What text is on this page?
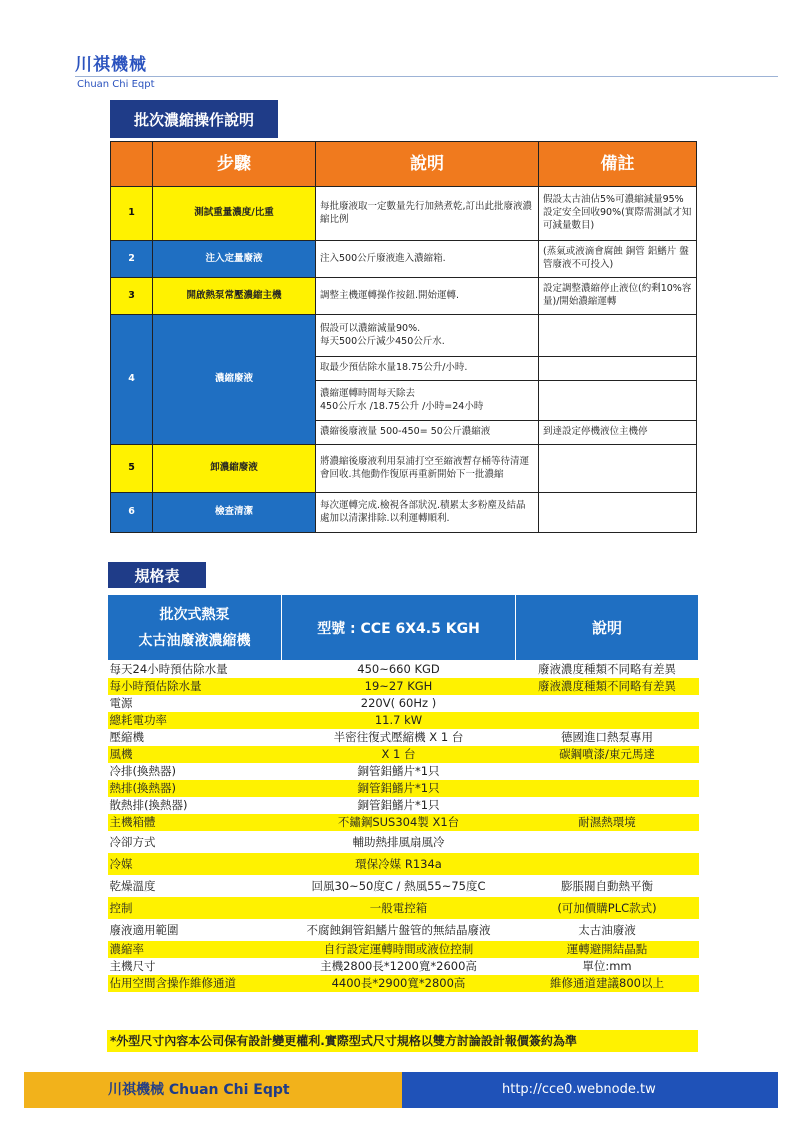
川祺機械
Chuan Chi Eqpt
批次濃縮操作說明
	步驟	說明	備註
1	測試重量濃度/比重	每批廢液取一定數量先行加熱煮乾,訂出此批廢液濃縮比例	假設太古油佔5%可濃縮減量95%設定安全回收90%(實際需測試才知可減量數目)
2	注入定量廢液	注入500公斤廢液進入濃縮箱.	(蒸氣或液滴會腐蝕 銅管 鋁鰭片 盤管廢液不可投入)
3	開啟熱泵常壓濃縮主機	調整主機運轉操作按鈕.開始運轉.	設定調整濃縮停止液位(約剩10%容量)/開始濃縮運轉
4	濃縮廢液	假設可以濃縮減量90%.
每天500公斤減少450公斤水.	
		取最少預估除水量18.75公升/小時.	
		濃縮運轉時間每天除去
450公斤水 /18.75公升 /小時=24小時	
		濃縮後廢液量 500-450= 50公斤濃縮液	到達設定停機液位主機停
5	卸濃縮廢液	將濃縮後廢液利用泵浦打空至縮液暫存桶等待清運會回收.其他動作復原再重新開始下一批濃縮	
6	檢查清潔	每次運轉完成.檢視各部狀況.積累太多粉塵及結晶處加以清潔排除.以利運轉順利.	
規格表
批次式熱泵
太古油廢液濃縮機	型號 : CCE 6X4.5 KGH	說明
每天24小時預估除水量	450~660 KGD	廢液濃度種類不同略有差異
每小時預估除水量	19~27 KGH	廢液濃度種類不同略有差異
電源	220V( 60Hz )	
總耗電功率	11.7 kW	
壓縮機	半密往復式壓縮機 X 1 台	德國進口熱泵專用
風機	X 1 台	碳鋼噴漆/東元馬達
冷排(換熱器)	銅管鋁鰭片*1只	
熱排(換熱器)	銅管鋁鰭片*1只	
散熱排(換熱器)	銅管鋁鰭片*1只	
主機箱體	不鏽鋼SUS304製 X1台	耐濕熱環境
冷卻方式	輔助熱排風扇風冷	
冷媒	環保冷媒 R134a	
乾燥溫度	回風30~50度C / 熱風55~75度C	膨脹閥自動熱平衡
控制	一般電控箱	(可加價購PLC款式)
廢液適用範圍	不腐蝕銅管鋁鰭片盤管的無結晶廢液	太古油廢液
濃縮率	自行設定運轉時間或液位控制	運轉避開結晶點
主機尺寸	主機2800長*1200寬*2600高	單位:mm
佔用空間含操作維修通道	4400長*2900寬*2800高	維修通道建議800以上
*外型尺寸內容本公司保有設計變更權利.實際型式尺寸規格以雙方討論設計報價簽約為準
川祺機械 Chuan Chi Eqpt	http://cce0.webnode.tw
